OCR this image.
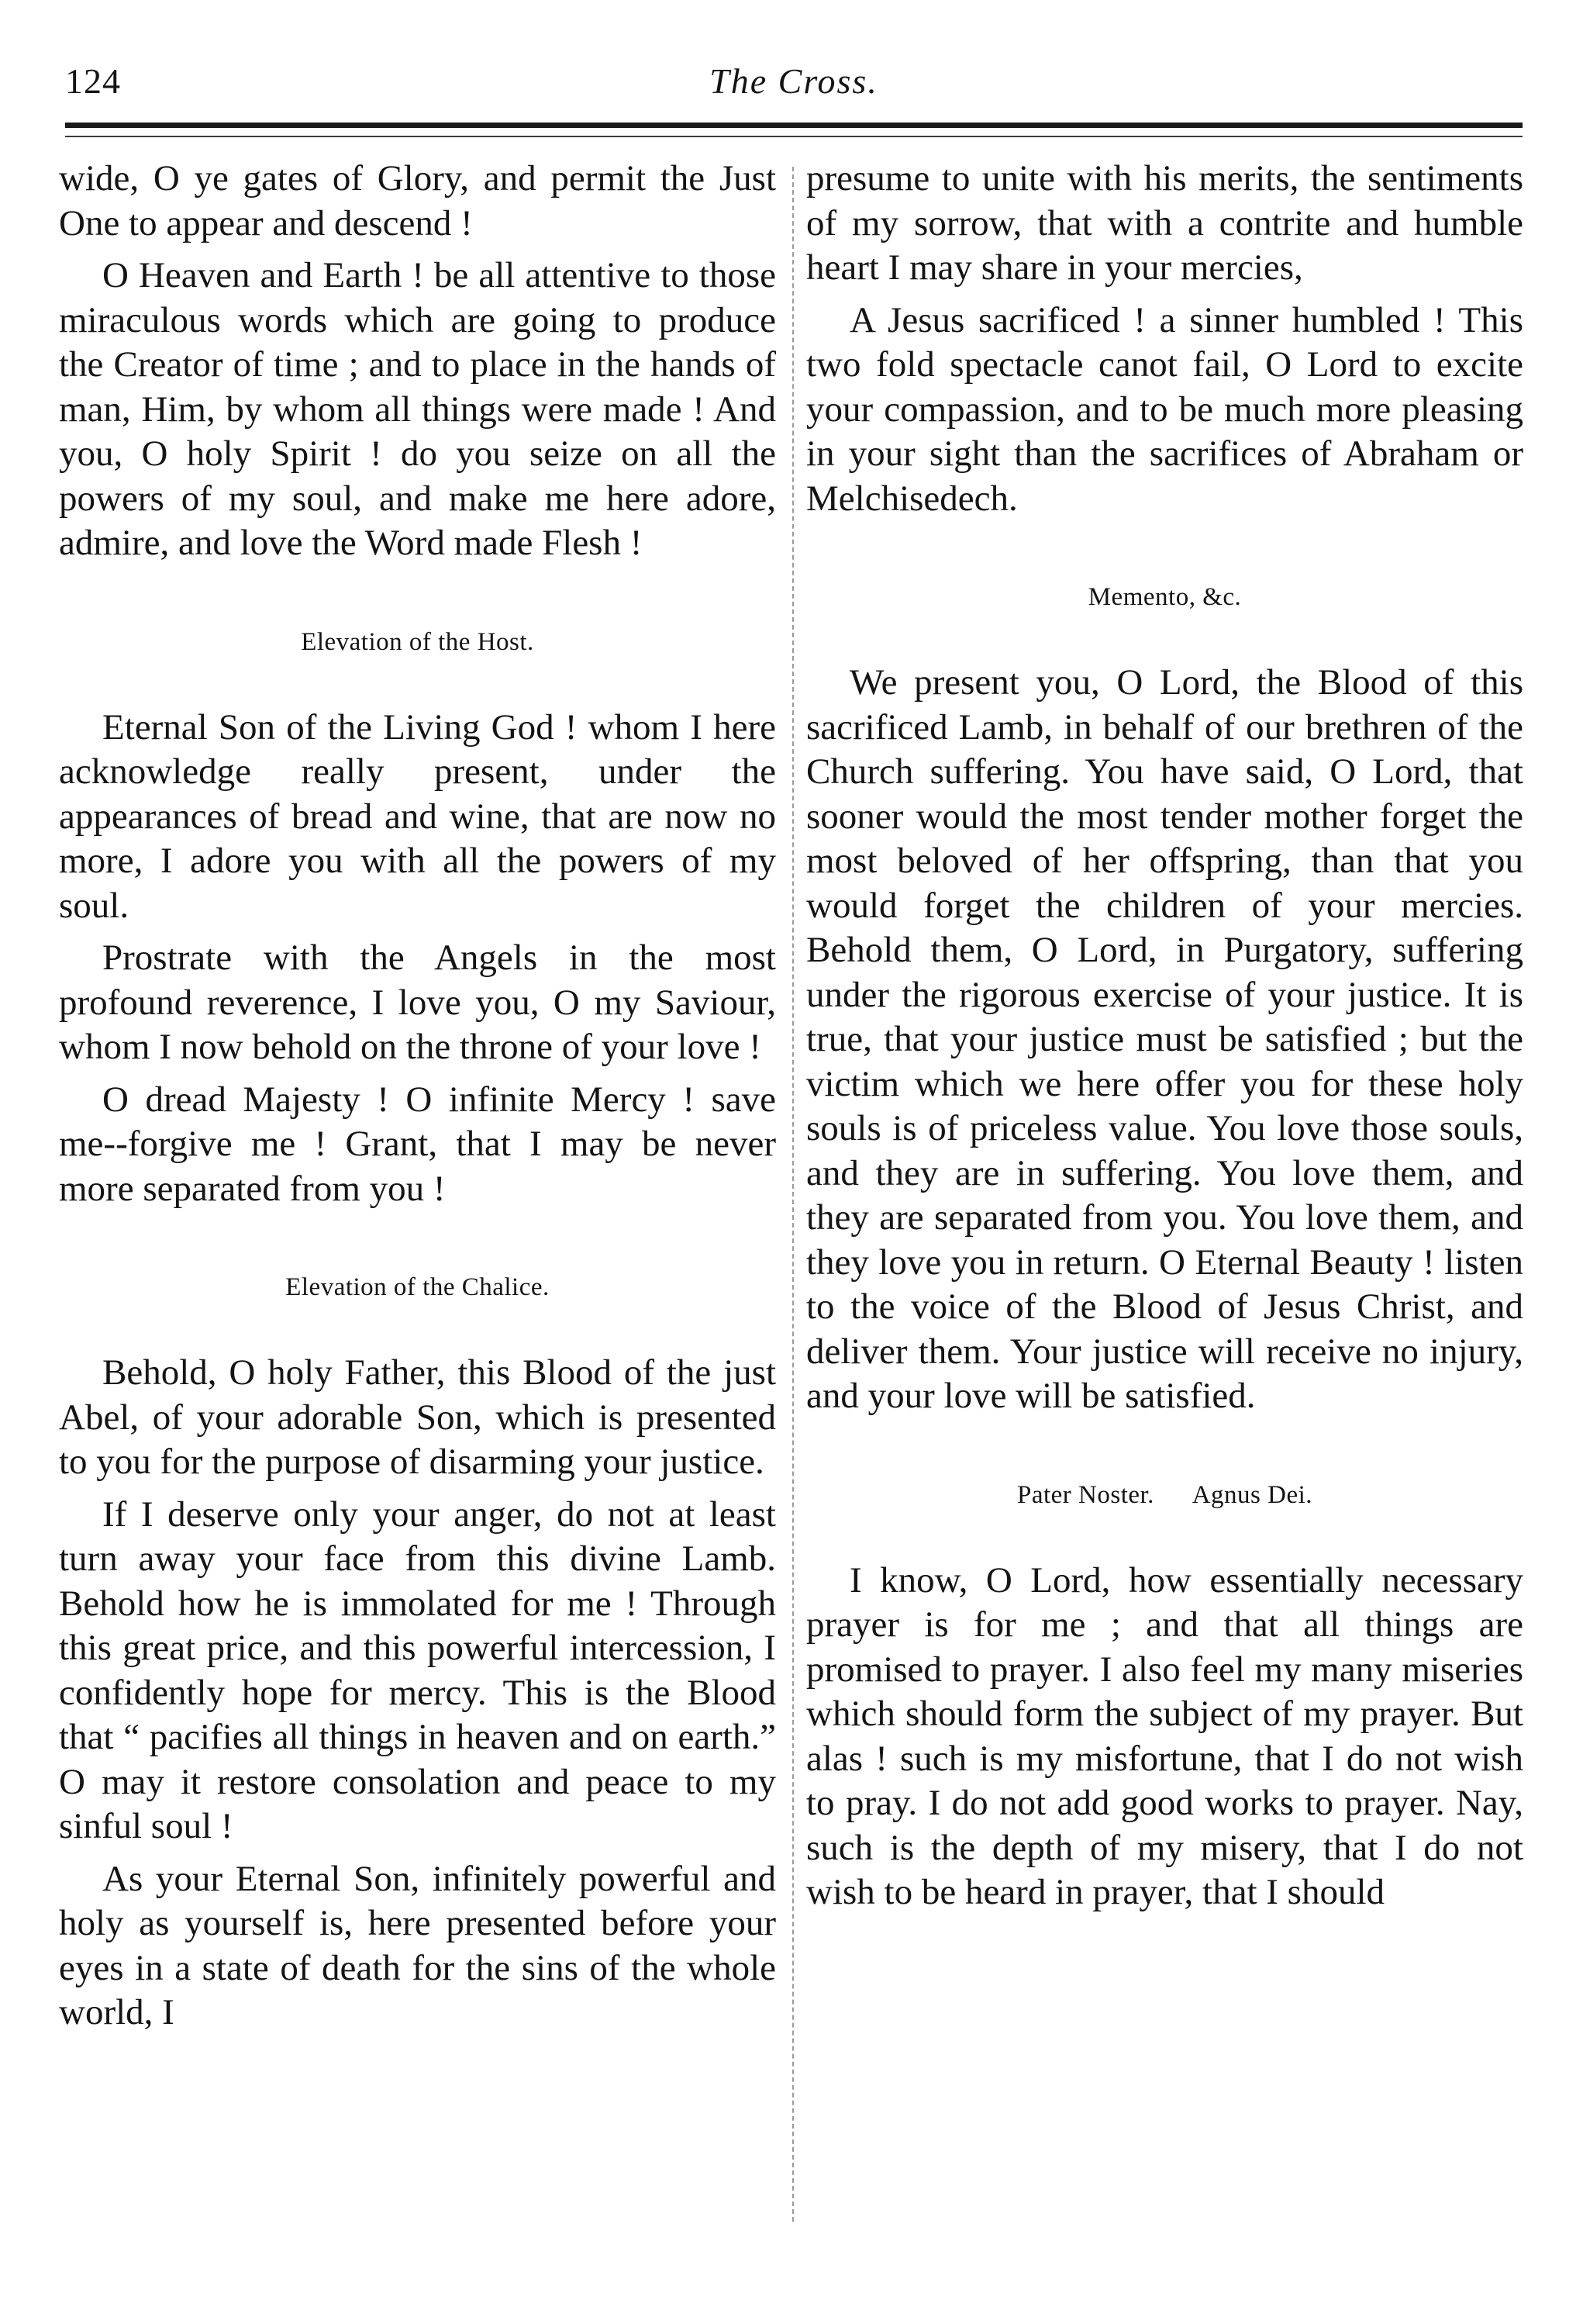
124	The Cross.

wide, O ye gates of Glory, and permit the Just One to appear and descend !

O Heaven and Earth ! be all attentive to those miraculous words which are going to produce the Creator of time ; and to place in the hands of man, Him, by whom all things were made ! And you, O holy Spirit ! do you seize on all the powers of my soul, and make me here adore, admire, and love the Word made Flesh !

Elevation of the Host.

Eternal Son of the Living God ! whom I here acknowledge really present, under the appearances of bread and wine, that are now no more, I adore you with all the powers of my soul.

Prostrate with the Angels in the most profound reverence, I love you, O my Saviour, whom I now behold on the throne of your love !

O dread Majesty ! O infinite Mercy ! save me--forgive me ! Grant, that I may be never more separated from you !

Elevation of the Chalice.

Behold, O holy Father, this Blood of the just Abel, of your adorable Son, which is presented to you for the purpose of disarming your justice.

If I deserve only your anger, do not at least turn away your face from this divine Lamb. Behold how he is immolated for me ! Through this great price, and this powerful intercession, I confidently hope for mercy. This is the Blood that “ pacifies all things in heaven and on earth.” O may it restore consolation and peace to my sinful soul !

As your Eternal Son, infinitely powerful and holy as yourself is, here presented before your eyes in a state of death for the sins of the whole world, I

presume to unite with his merits, the sentiments of my sorrow, that with a contrite and humble heart I may share in your mercies,

A Jesus sacrificed ! a sinner humbled ! This two fold spectacle canot fail, O Lord to excite your compassion, and to be much more pleasing in your sight than the sacrifices of Abraham or Melchisedech.

Memento, &c.

We present you, O Lord, the Blood of this sacrificed Lamb, in behalf of our brethren of the Church suffering. You have said, O Lord, that sooner would the most tender mother forget the most beloved of her offspring, than that you would forget the children of your mercies. Behold them, O Lord, in Purgatory, suffering under the rigorous exercise of your justice. It is true, that your justice must be satisfied ; but the victim which we here offer you for these holy souls is of priceless value. You love those souls, and they are in suffering. You love them, and they are separated from you. You love them, and they love you in return. O Eternal Beauty ! listen to the voice of the Blood of Jesus Christ, and deliver them. Your justice will receive no injury, and your love will be satisfied.

Pater Noster. Agnus Dei.

I know, O Lord, how essentially necessary prayer is for me ; and that all things are promised to prayer. I also feel my many miseries which should form the subject of my prayer. But alas ! such is my misfortune, that I do not wish to pray. I do not add good works to prayer. Nay, such is the depth of my misery, that I do not wish to be heard in prayer, that I should
